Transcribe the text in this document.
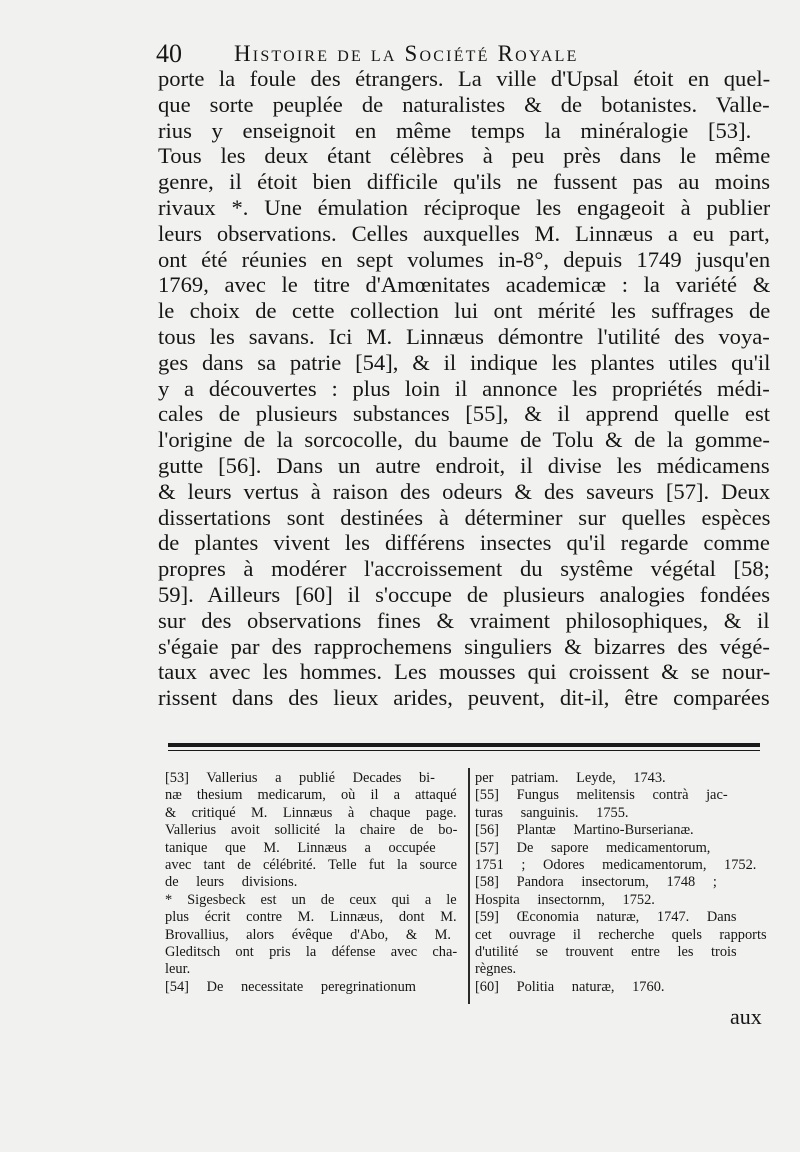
40 Histoire de la Société Royale
porte la foule des étrangers. La ville d'Upsal étoit en quel-
que sorte peuplée de naturalistes & de botanistes. Valle-
rius y enseignoit en même temps la minéralogie [53].
Tous les deux étant célèbres à peu près dans le même
genre, il étoit bien difficile qu'ils ne fussent pas au moins
rivaux *. Une émulation réciproque les engageoit à publier
leurs observations. Celles auxquelles M. Linnæus a eu part,
ont été réunies en sept volumes in-8°, depuis 1749 jusqu'en
1769, avec le titre d'Amœnitates academicæ : la variété &
le choix de cette collection lui ont mérité les suffrages de
tous les savans. Ici M. Linnæus démontre l'utilité des voya-
ges dans sa patrie [54], & il indique les plantes utiles qu'il
y a découvertes : plus loin il annonce les propriétés médi-
cales de plusieurs substances [55], & il apprend quelle est
l'origine de la sorcocolle, du baume de Tolu & de la gomme-
gutte [56]. Dans un autre endroit, il divise les médicamens
& leurs vertus à raison des odeurs & des saveurs [57]. Deux
dissertations sont destinées à déterminer sur quelles espèces
de plantes vivent les différens insectes qu'il regarde comme
propres à modérer l'accroissement du systême végétal [58;
59]. Ailleurs [60] il s'occupe de plusieurs analogies fondées
sur des observations fines & vraiment philosophiques, & il
s'égaie par des rapprochemens singuliers & bizarres des végé-
taux avec les hommes. Les mousses qui croissent & se nour-
rissent dans des lieux arides, peuvent, dit-il, être comparées
[53] Vallerius a publié Decades bi-
næ thesium medicarum, où il a attaqué
& critiqué M. Linnæus à chaque page.
Vallerius avoit sollicité la chaire de bo-
tanique que M. Linnæus a occupée
avec tant de célébrité. Telle fut la source
de leurs divisions.
* Sigesbeck est un de ceux qui a le
plus écrit contre M. Linnæus, dont M.
Brovallius, alors évêque d'Abo, & M.
Gleditsch ont pris la défense avec cha-
leur.
[54] De necessitate peregrinationum
per patriam. Leyde, 1743.
[55] Fungus melitensis contrà jac-
turas sanguinis. 1755.
[56] Plantæ Martino-Burserianæ.
[57] De sapore medicamentorum,
1751 ; Odores medicamentorum, 1752.
[58] Pandora insectorum, 1748 ;
Hospita insectornm, 1752.
[59] Œconomia naturæ, 1747. Dans
cet ouvrage il recherche quels rapports
d'utilité se trouvent entre les trois
règnes.
[60] Politia naturæ, 1760.
aux
